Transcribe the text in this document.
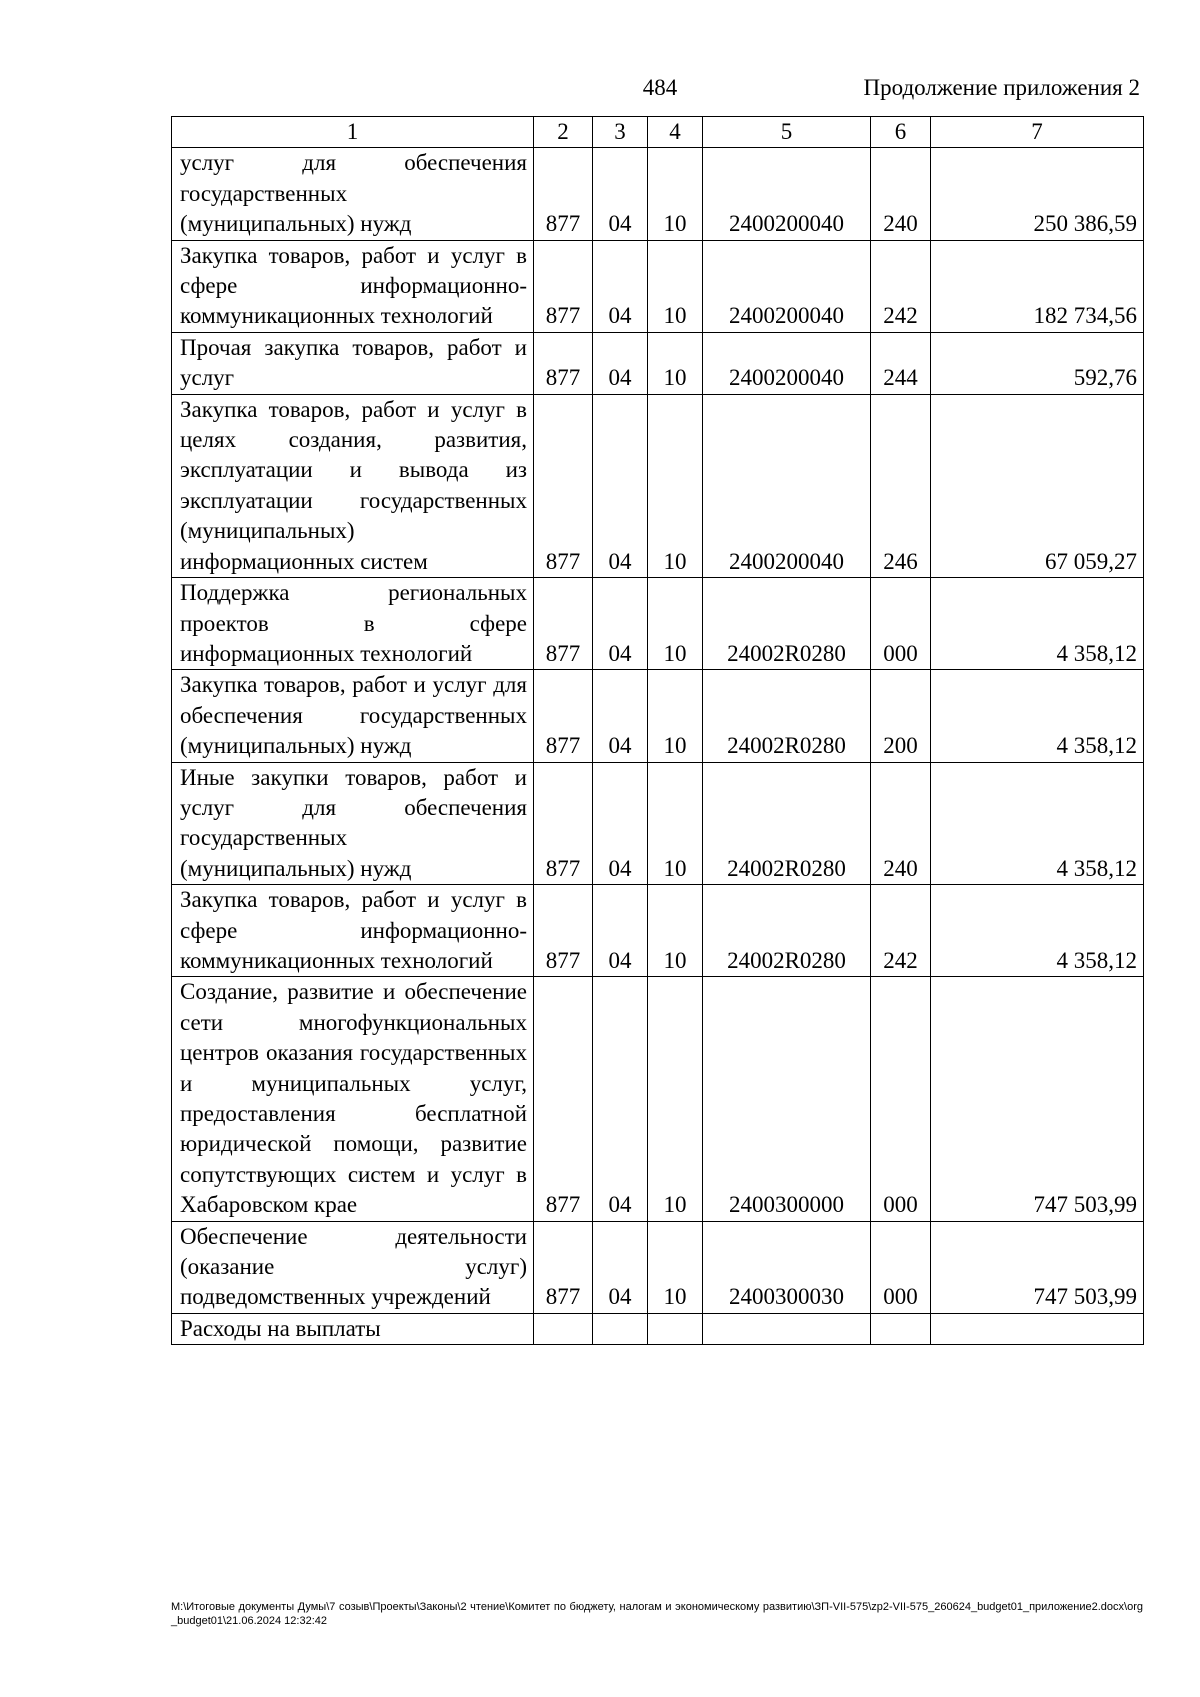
484	Продолжение приложения 2
1	2	3	4	5	6	7
услуг для обеспечения государственных (муниципальных) нужд	877	04	10	2400200040	240	250 386,59
Закупка товаров, работ и услуг в сфере информационно-коммуникационных технологий	877	04	10	2400200040	242	182 734,56
Прочая закупка товаров, работ и услуг	877	04	10	2400200040	244	592,76
Закупка товаров, работ и услуг в целях создания, развития, эксплуатации и вывода из эксплуатации государственных (муниципальных) информационных систем	877	04	10	2400200040	246	67 059,27
Поддержка региональных проектов в сфере информационных технологий	877	04	10	24002R0280	000	4 358,12
Закупка товаров, работ и услуг для обеспечения государственных (муниципальных) нужд	877	04	10	24002R0280	200	4 358,12
Иные закупки товаров, работ и услуг для обеспечения государственных (муниципальных) нужд	877	04	10	24002R0280	240	4 358,12
Закупка товаров, работ и услуг в сфере информационно-коммуникационных технологий	877	04	10	24002R0280	242	4 358,12
Создание, развитие и обеспечение сети многофункциональных центров оказания государственных и муниципальных услуг, предоставления бесплатной юридической помощи, развитие сопутствующих систем и услуг в Хабаровском крае	877	04	10	2400300000	000	747 503,99
Обеспечение деятельности (оказание услуг) подведомственных учреждений	877	04	10	2400300030	000	747 503,99
Расходы на выплаты						
M:\Итоговые документы Думы\7 созыв\Проекты\Законы\2 чтение\Комитет по бюджету, налогам и экономическому развитию\ЗП-VII-575\zp2-VII-575_260624_budget01_приложение2.docx\org_budget01\21.06.2024 12:32:42
